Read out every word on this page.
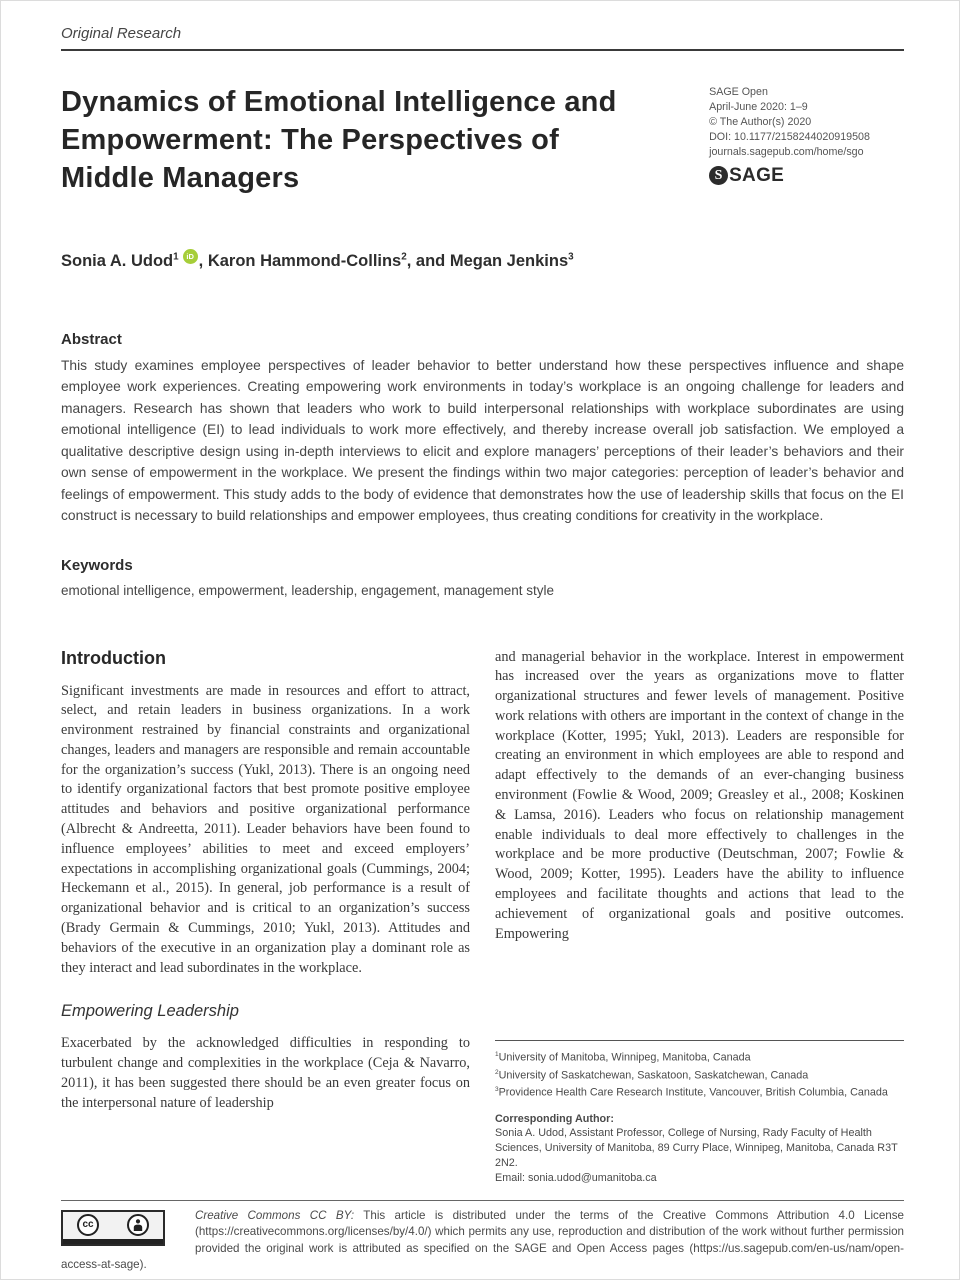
Original Research
Dynamics of Emotional Intelligence and
Empowerment: The Perspectives of
Middle Managers
SAGE Open
April-June 2020: 1–9
© The Author(s) 2020
DOI: 10.1177/2158244020919508
journals.sagepub.com/home/sgo
S SAGE
Sonia A. Udod$^1$ iD , Karon Hammond-Collins$^2$, and Megan Jenkins$^3$
Abstract

This study examines employee perspectives of leader behavior to better understand how these perspectives influence and shape employee work experiences. Creating empowering work environments in today’s workplace is an ongoing challenge for leaders and managers. Research has shown that leaders who work to build interpersonal relationships with workplace subordinates are using emotional intelligence (EI) to lead individuals to work more effectively, and thereby increase overall job satisfaction. We employed a qualitative descriptive design using in-depth interviews to elicit and explore managers’ perceptions of their leader’s behaviors and their own sense of empowerment in the workplace. We present the findings within two major categories: perception of leader’s behavior and feelings of empowerment. This study adds to the body of evidence that demonstrates how the use of leadership skills that focus on the EI construct is necessary to build relationships and empower employees, thus creating conditions for creativity in the workplace.

Keywords

emotional intelligence, empowerment, leadership, engagement, management style

Introduction

Significant investments are made in resources and effort to attract, select, and retain leaders in business organizations. In a work environment restrained by financial constraints and organizational changes, leaders and managers are responsible and remain accountable for the organization’s success (Yukl, 2013). There is an ongoing need to identify organizational factors that best promote positive employee attitudes and behaviors and positive organizational performance (Albrecht & Andreetta, 2011). Leader behaviors have been found to influence employees’ abilities to meet and exceed employers’ expectations in accomplishing organizational goals (Cummings, 2004; Heckemann et al., 2015). In general, job performance is a result of organizational behavior and is critical to an organization’s success (Brady Germain & Cummings, 2010; Yukl, 2013). Attitudes and behaviors of the executive in an organization play a dominant role as they interact and lead subordinates in the workplace.

Empowering Leadership

Exacerbated by the acknowledged difficulties in responding to turbulent change and complexities in the workplace (Ceja & Navarro, 2011), it has been suggested there should be an even greater focus on the interpersonal nature of leadership

and managerial behavior in the workplace. Interest in empowerment has increased over the years as organizations move to flatter organizational structures and fewer levels of management. Positive work relations with others are important in the context of change in the workplace (Kotter, 1995; Yukl, 2013). Leaders are responsible for creating an environment in which employees are able to respond and adapt effectively to the demands of an ever-changing business environment (Fowlie & Wood, 2009; Greasley et al., 2008; Koskinen & Lamsa, 2016). Leaders who focus on relationship management enable individuals to deal more effectively to challenges in the workplace and be more productive (Deutschman, 2007; Fowlie & Wood, 2009; Kotter, 1995). Leaders have the ability to influence employees and facilitate thoughts and actions that lead to the achievement of organizational goals and positive outcomes. Empowering

$^1$University of Manitoba, Winnipeg, Manitoba, Canada
$^2$University of Saskatchewan, Saskatoon, Saskatchewan, Canada
$^3$Providence Health Care Research Institute, Vancouver, British Columbia, Canada

Corresponding Author:

Sonia A. Udod, Assistant Professor, College of Nursing, Rady Faculty of Health Sciences, University of Manitoba, 89 Curry Place, Winnipeg, Manitoba, Canada R3T 2N2.
Email: sonia.udod@umanitoba.ca
cc

Creative Commons CC BY: This article is distributed under the terms of the Creative Commons Attribution 4.0 License (https://creativecommons.org/licenses/by/4.0/) which permits any use, reproduction and distribution of the work without further permission provided the original work is attributed as specified on the SAGE and Open Access pages (https://us.sagepub.com/en-us/nam/open-access-at-sage).
